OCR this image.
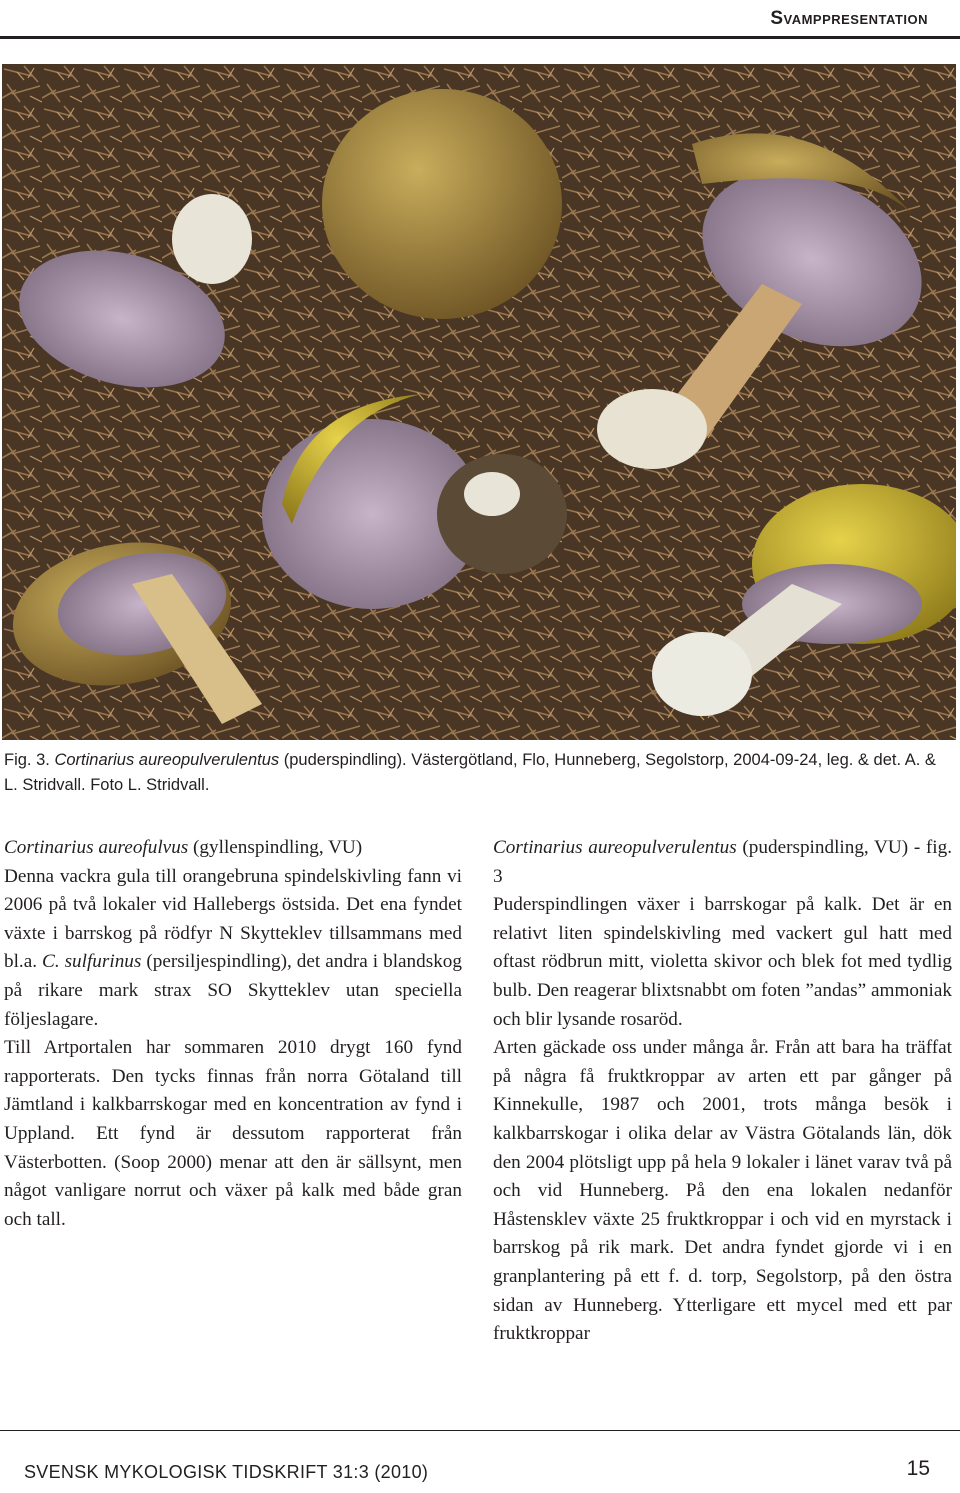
Svamppresentation
Fig. 3. Cortinarius aureopulverulentus (puderspindling). Västergötland, Flo, Hunneberg, Segolstorp, 2004-09-24, leg. & det. A. & L. Stridvall. Foto L. Stridvall.

Cortinarius aureofulvus (gyllenspindling, VU)

Denna vackra gula till orangebruna spindelskivling fann vi 2006 på två lokaler vid Hallebergs östsida. Det ena fyndet växte i barrskog på rödfyr N Skytteklev tillsammans med bl.a. C. sulfurinus (persiljespindling), det andra i blandskog på rikare mark strax SO Skytteklev utan speciella följeslagare.

Till Artportalen har sommaren 2010 drygt 160 fynd rapporterats. Den tycks finnas från norra Götaland till Jämtland i kalkbarrskogar med en koncentration av fynd i Uppland. Ett fynd är dessutom rapporterat från Västerbotten. (Soop 2000) menar att den är sällsynt, men något vanligare norrut och växer på kalk med både gran och tall.

Cortinarius aureopulverulentus (puderspindling, VU) - fig. 3

Puderspindlingen växer i barrskogar på kalk. Det är en relativt liten spindelskivling med vackert gul hatt med oftast rödbrun mitt, violetta skivor och blek fot med tydlig bulb. Den reagerar blixtsnabbt om foten ”andas” ammoniak och blir lysande rosaröd.

Arten gäckade oss under många år. Från att bara ha träffat på några få fruktkroppar av arten ett par gånger på Kinnekulle, 1987 och 2001, trots många besök i kalkbarrskogar i olika delar av Västra Götalands län, dök den 2004 plötsligt upp på hela 9 lokaler i länet varav två på och vid Hunneberg. På den ena lokalen nedanför Håstensklev växte 25 fruktkroppar i och vid en myrstack i barrskog på rik mark. Det andra fyndet gjorde vi i en granplantering på ett f. d. torp, Segolstorp, på den östra sidan av Hunneberg. Ytterligare ett mycel med ett par fruktkroppar

SVENSK MYKOLOGISK TIDSKRIFT 31:3 (2010)	15
